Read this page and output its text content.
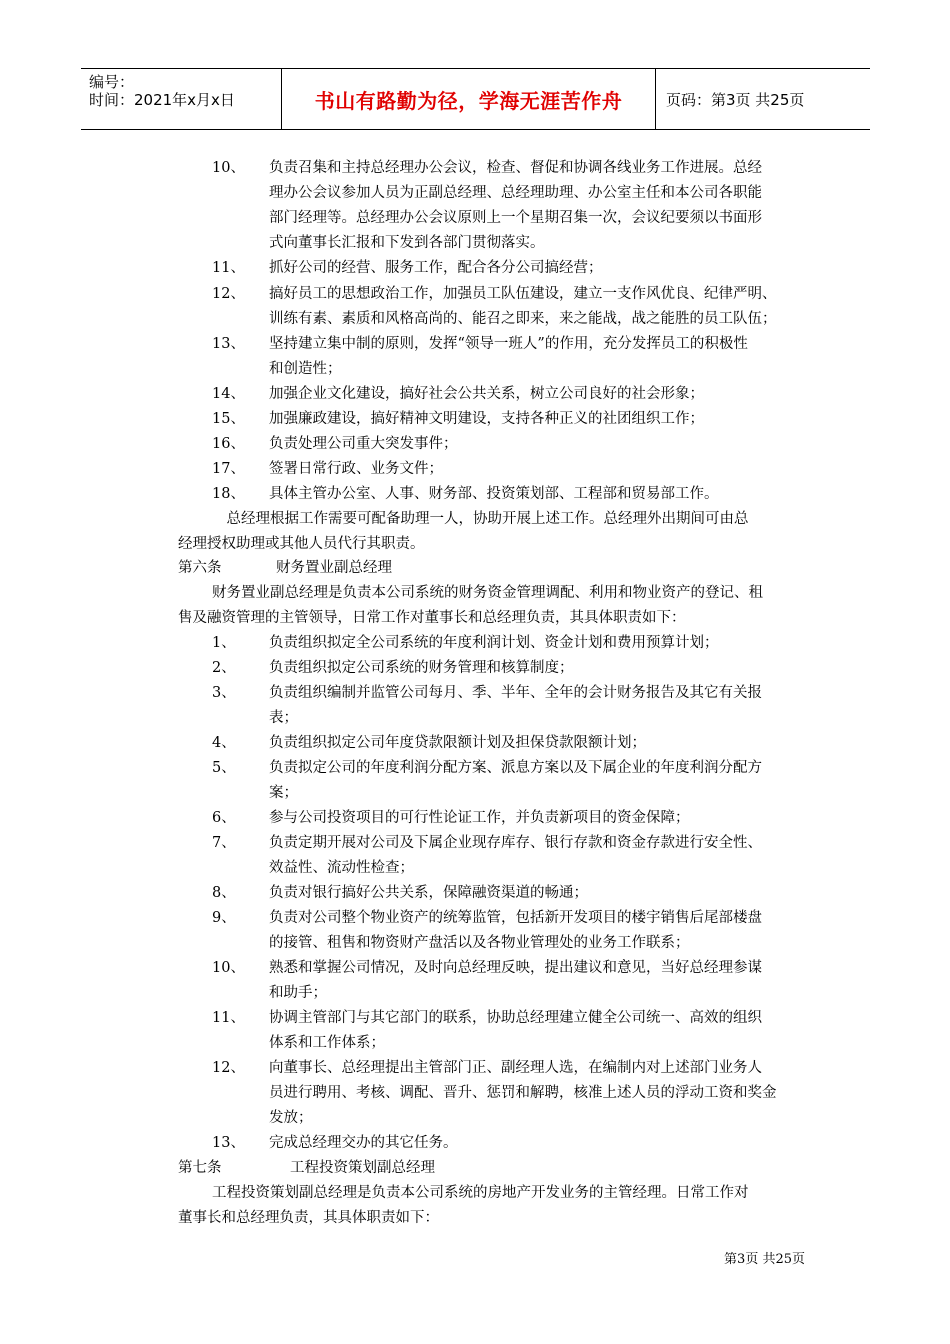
编号：
时间：2021年x月x日	书山有路勤为径，学海无涯苦作舟	页码：第3页 共25页
10、 负责召集和主持总经理办公会议，检查、督促和协调各线业务工作进展。总经
理办公会议参加人员为正副总经理、总经理助理、办公室主任和本公司各职能
部门经理等。总经理办公会议原则上一个星期召集一次，会议纪要须以书面形
式向董事长汇报和下发到各部门贯彻落实。
11、 抓好公司的经营、服务工作，配合各分公司搞经营；
12、 搞好员工的思想政治工作，加强员工队伍建设，建立一支作风优良、纪律严明、
训练有素、素质和风格高尚的、能召之即来，来之能战，战之能胜的员工队伍；
13、 坚持建立集中制的原则，发挥“领导一班人”的作用，充分发挥员工的积极性
和创造性；
14、 加强企业文化建设，搞好社会公共关系，树立公司良好的社会形象；
15、 加强廉政建设，搞好精神文明建设，支持各种正义的社团组织工作；
16、 负责处理公司重大突发事件；
17、 签署日常行政、业务文件；
18、 具体主管办公室、人事、财务部、投资策划部、工程部和贸易部工作。
　总经理根据工作需要可配备助理一人，协助开展上述工作。总经理外出期间可由总
经理授权助理或其他人员代行其职责。
第六条	财务置业副总经理
财务置业副总经理是负责本公司系统的财务资金管理调配、利用和物业资产的登记、租
售及融资管理的主管领导，日常工作对董事长和总经理负责，其具体职责如下：
1、 负责组织拟定全公司系统的年度利润计划、资金计划和费用预算计划；
2、 负责组织拟定公司系统的财务管理和核算制度；
3、 负责组织编制并监管公司每月、季、半年、全年的会计财务报告及其它有关报
表；
4、 负责组织拟定公司年度贷款限额计划及担保贷款限额计划；
5、 负责拟定公司的年度利润分配方案、派息方案以及下属企业的年度利润分配方
案；
6、 参与公司投资项目的可行性论证工作，并负责新项目的资金保障；
7、 负责定期开展对公司及下属企业现存库存、银行存款和资金存款进行安全性、
效益性、流动性检查；
8、 负责对银行搞好公共关系，保障融资渠道的畅通；
9、 负责对公司整个物业资产的统筹监管，包括新开发项目的楼宇销售后尾部楼盘
的接管、租售和物资财产盘活以及各物业管理处的业务工作联系；
10、 熟悉和掌握公司情况，及时向总经理反映，提出建议和意见，当好总经理参谋
和助手；
11、 协调主管部门与其它部门的联系，协助总经理建立健全公司统一、高效的组织
体系和工作体系；
12、 向董事长、总经理提出主管部门正、副经理人选，在编制内对上述部门业务人
员进行聘用、考核、调配、晋升、惩罚和解聘，核准上述人员的浮动工资和奖金
发放；
13、 完成总经理交办的其它任务。
第七条	工程投资策划副总经理
工程投资策划副总经理是负责本公司系统的房地产开发业务的主管经理。日常工作对
董事长和总经理负责，其具体职责如下：
第3页 共25页
